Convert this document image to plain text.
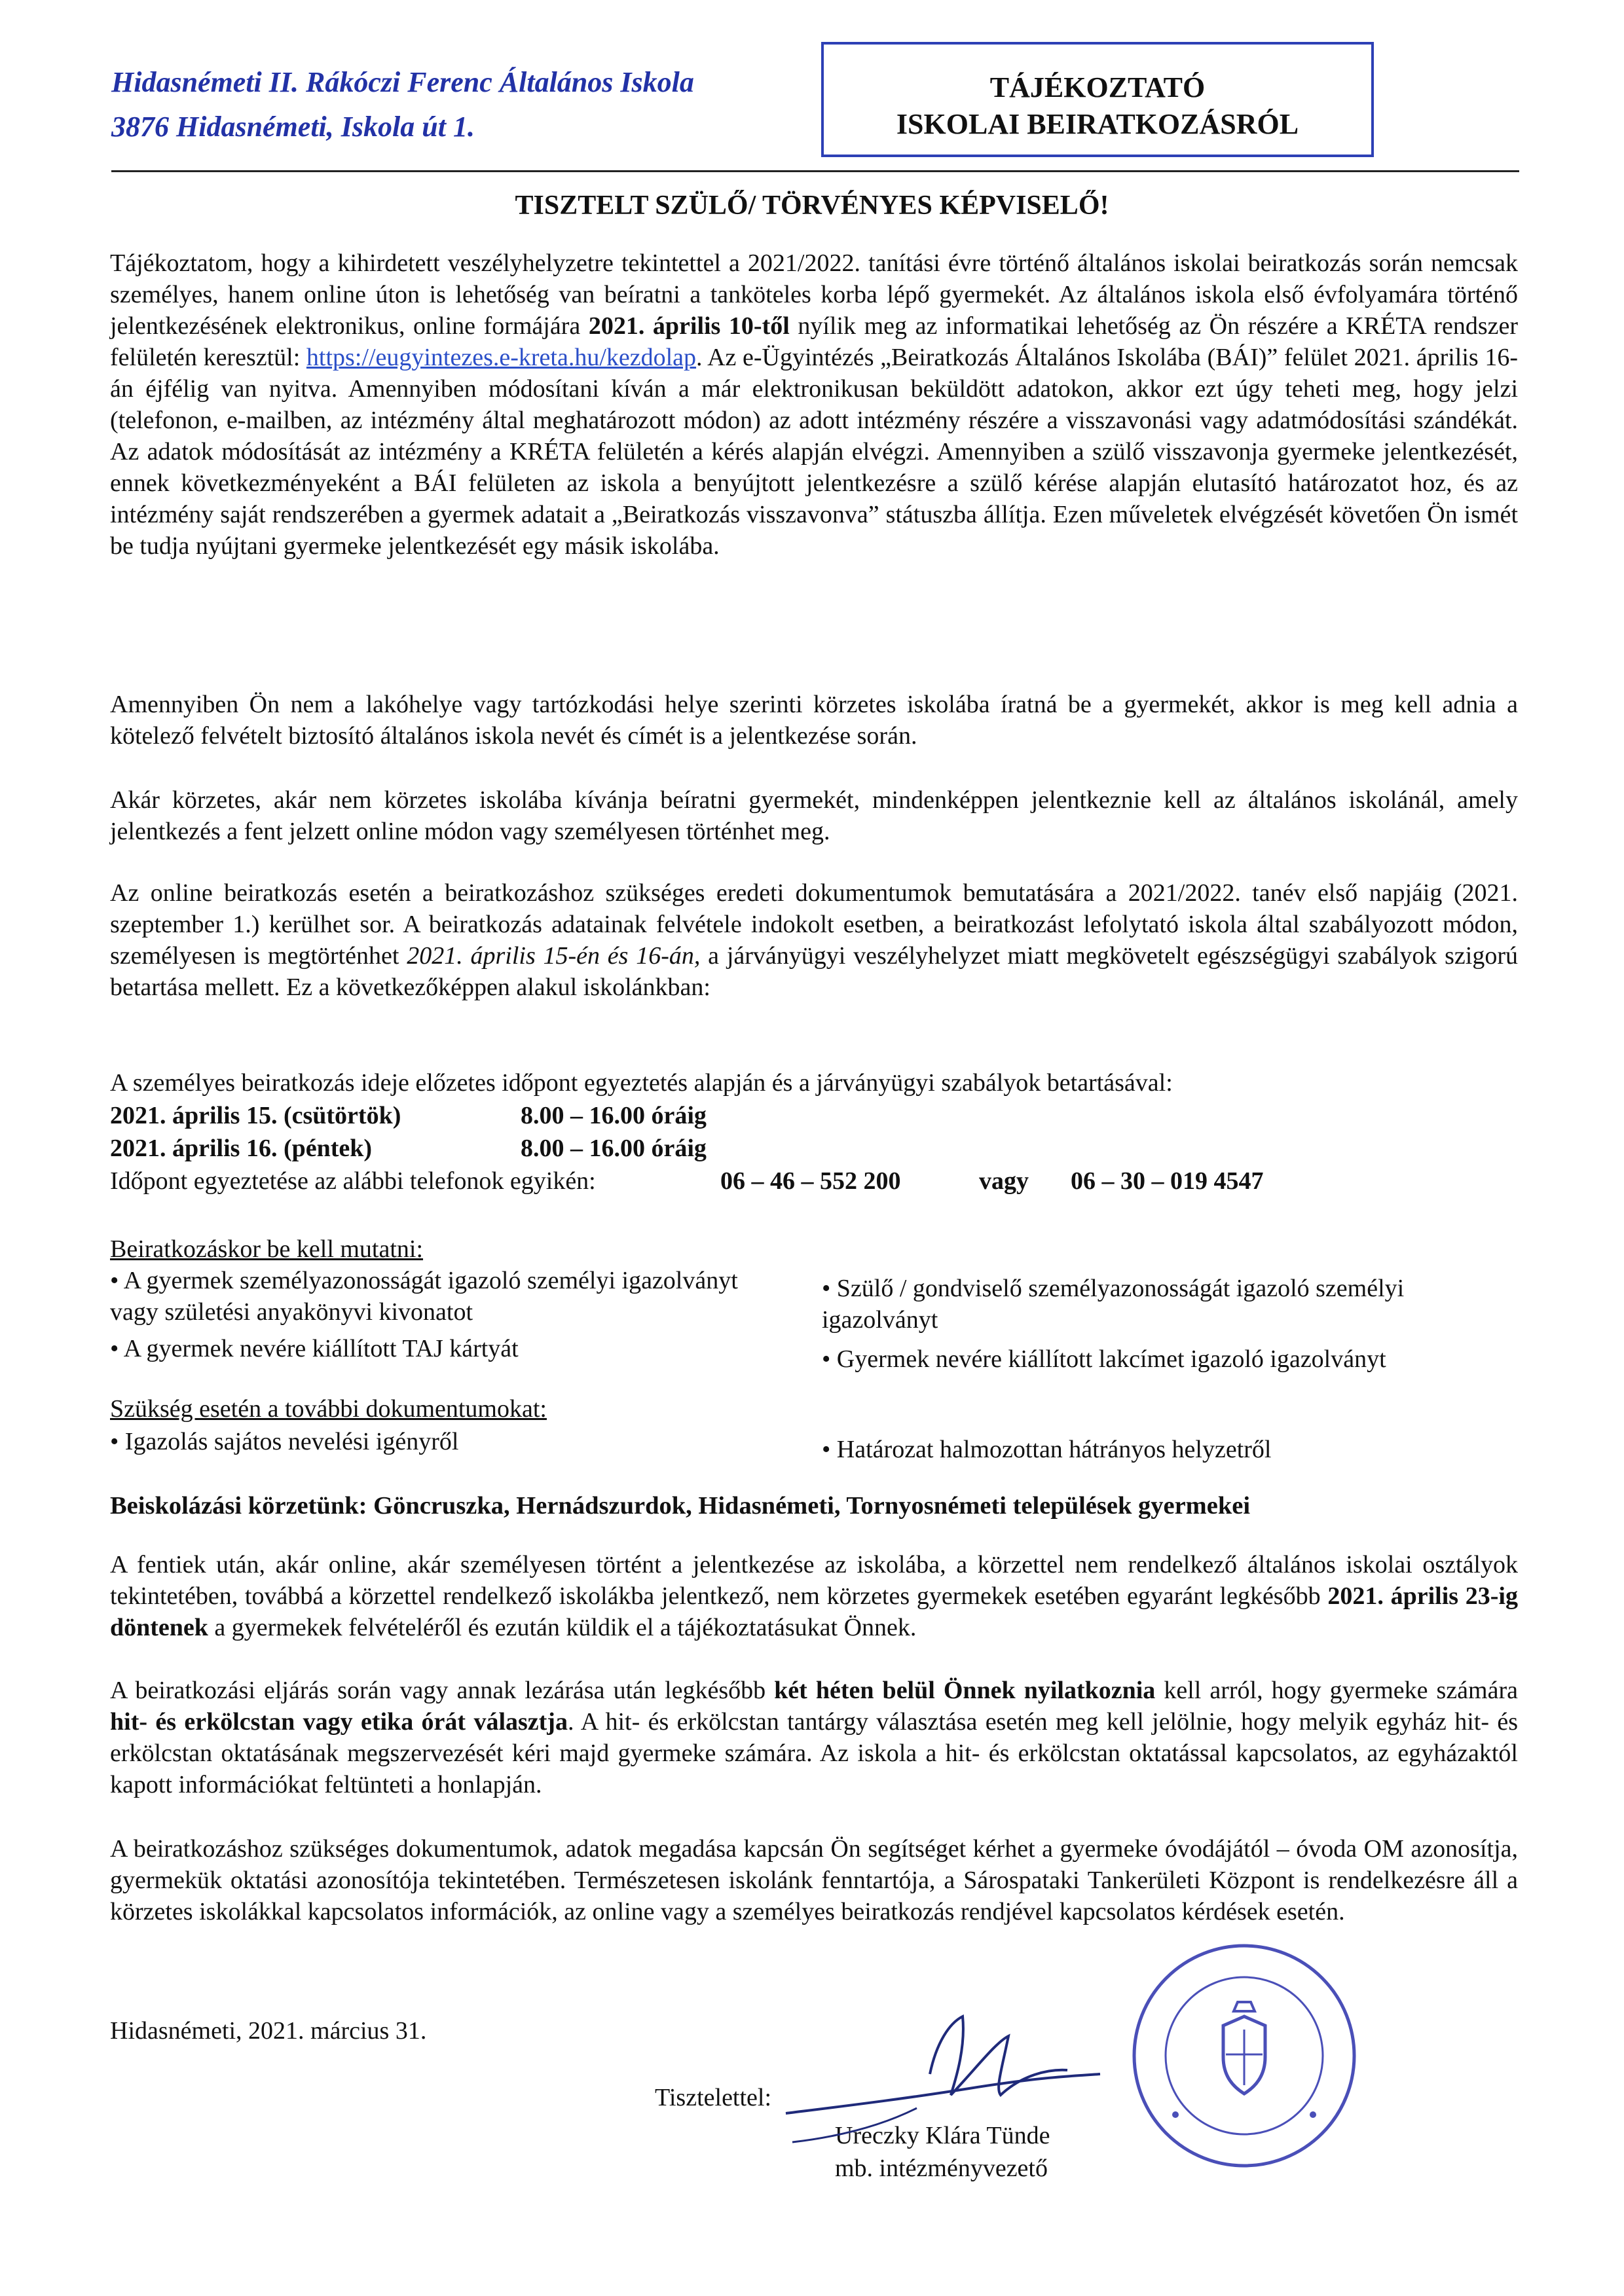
Hidasnémeti II. Rákóczi Ferenc Általános Iskola
3876 Hidasnémeti, Iskola út 1.
TÁJÉKOZTATÓ
ISKOLAI BEIRATKOZÁSRÓL
TISZTELT SZÜLŐ/ TÖRVÉNYES KÉPVISELŐ!

Tájékoztatom, hogy a kihirdetett veszélyhelyzetre tekintettel a 2021/2022. tanítási évre történő általános iskolai beiratkozás során nemcsak személyes, hanem online úton is lehetőség van beíratni a tanköteles korba lépő gyermekét. Az általános iskola első évfolyamára történő jelentkezésének elektronikus, online formájára 2021. április 10-től nyílik meg az informatikai lehetőség az Ön részére a KRÉTA rendszer felületén keresztül: https://eugyintezes.e-kreta.hu/kezdolap. Az e-Ügyintézés „Beiratkozás Általános Iskolába (BÁI)” felület 2021. április 16-án éjfélig van nyitva. Amennyiben módosítani kíván a már elektronikusan beküldött adatokon, akkor ezt úgy teheti meg, hogy jelzi (telefonon, e-mailben, az intézmény által meghatározott módon) az adott intézmény részére a visszavonási vagy adatmódosítási szándékát. Az adatok módosítását az intézmény a KRÉTA felületén a kérés alapján elvégzi. Amennyiben a szülő visszavonja gyermeke jelentkezését, ennek következményeként a BÁI felületen az iskola a benyújtott jelentkezésre a szülő kérése alapján elutasító határozatot hoz, és az intézmény saját rendszerében a gyermek adatait a „Beiratkozás visszavonva” státuszba állítja. Ezen műveletek elvégzését követően Ön ismét be tudja nyújtani gyermeke jelentkezését egy másik iskolába.

Amennyiben Ön nem a lakóhelye vagy tartózkodási helye szerinti körzetes iskolába íratná be a gyermekét, akkor is meg kell adnia a kötelező felvételt biztosító általános iskola nevét és címét is a jelentkezése során.

Akár körzetes, akár nem körzetes iskolába kívánja beíratni gyermekét, mindenképpen jelentkeznie kell az általános iskolánál, amely jelentkezés a fent jelzett online módon vagy személyesen történhet meg.

Az online beiratkozás esetén a beiratkozáshoz szükséges eredeti dokumentumok bemutatására a 2021/2022. tanév első napjáig (2021. szeptember 1.) kerülhet sor. A beiratkozás adatainak felvétele indokolt esetben, a beiratkozást lefolytató iskola által szabályozott módon, személyesen is megtörténhet 2021. április 15-én és 16-án, a járványügyi veszélyhelyzet miatt megkövetelt egészségügyi szabályok szigorú betartása mellett. Ez a következőképpen alakul iskolánkban:

A személyes beiratkozás ideje előzetes időpont egyeztetés alapján és a járványügyi szabályok betartásával:
2021. április 15. (csütörtök)	8.00 – 16.00 óráig
2021. április 16. (péntek)	8.00 – 16.00 óráig
Időpont egyeztetése az alábbi telefonok egyikén:	06 – 46 – 552 200	vagy 06 – 30 – 019 4547
Beiratkozáskor be kell mutatni:
• A gyermek személyazonosságát igazoló személyi igazolványt vagy születési anyakönyvi kivonatot
• A gyermek nevére kiállított TAJ kártyát
• Szülő / gondviselő személyazonosságát igazoló személyi igazolványt
• Gyermek nevére kiállított lakcímet igazoló igazolványt
Szükség esetén a további dokumentumokat:
• Igazolás sajátos nevelési igényről	• Határozat halmozottan hátrányos helyzetről
Beiskolázási körzetünk: Göncruszka, Hernádszurdok, Hidasnémeti, Tornyosnémeti települések gyermekei

A fentiek után, akár online, akár személyesen történt a jelentkezése az iskolába, a körzettel nem rendelkező általános iskolai osztályok tekintetében, továbbá a körzettel rendelkező iskolákba jelentkező, nem körzetes gyermekek esetében egyaránt legkésőbb 2021. április 23-ig döntenek a gyermekek felvételéről és ezután küldik el a tájékoztatásukat Önnek.

A beiratkozási eljárás során vagy annak lezárása után legkésőbb két héten belül Önnek nyilatkoznia kell arról, hogy gyermeke számára hit- és erkölcstan vagy etika órát választja. A hit- és erkölcstan tantárgy választása esetén meg kell jelölnie, hogy melyik egyház hit- és erkölcstan oktatásának megszervezését kéri majd gyermeke számára. Az iskola a hit- és erkölcstan oktatással kapcsolatos, az egyházaktól kapott információkat feltünteti a honlapján.

A beiratkozáshoz szükséges dokumentumok, adatok megadása kapcsán Ön segítséget kérhet a gyermeke óvodájától – óvoda OM azonosítja, gyermekük oktatási azonosítója tekintetében. Természetesen iskolánk fenntartója, a Sárospataki Tankerületi Központ is rendelkezésre áll a körzetes iskolákkal kapcsolatos információk, az online vagy a személyes beiratkozás rendjével kapcsolatos kérdések esetén.

Hidasnémeti, 2021. március 31.
Tisztelettel:
Ureczky Klára Tünde
mb. intézményvezető
